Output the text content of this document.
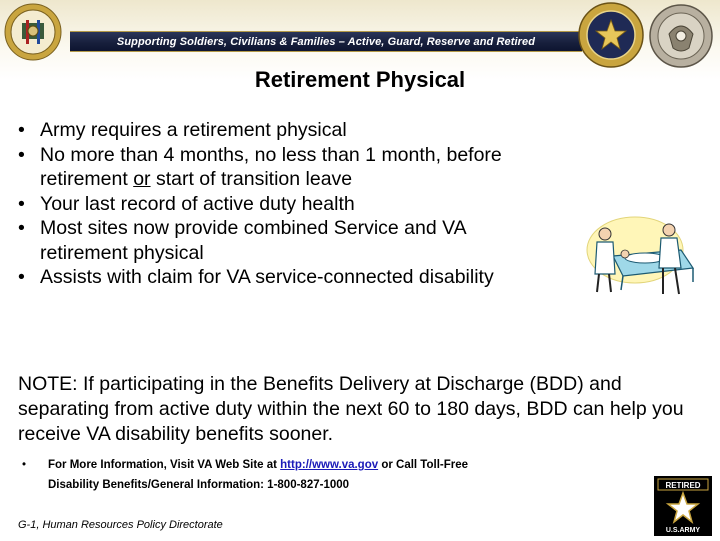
Supporting Soldiers, Civilians & Families – Active, Guard, Reserve and Retired
Retirement Physical
• Army requires a retirement physical
• No more than 4 months, no less than 1 month, before
retirement or start of transition leave
• Your last record of active duty health
• Most sites now provide combined Service and VA
retirement physical
• Assists with claim for VA service-connected disability
NOTE: If participating in the Benefits Delivery at Discharge (BDD) and separating from active duty within the next 60 to 180 days, BDD can help you receive VA disability benefits sooner.
• For More Information, Visit VA Web Site at http://www.va.gov or Call Toll-Free
Disability Benefits/General Information: 1-800-827-1000
G-1, Human Resources Policy Directorate
RETIRED
U.S.ARMY
